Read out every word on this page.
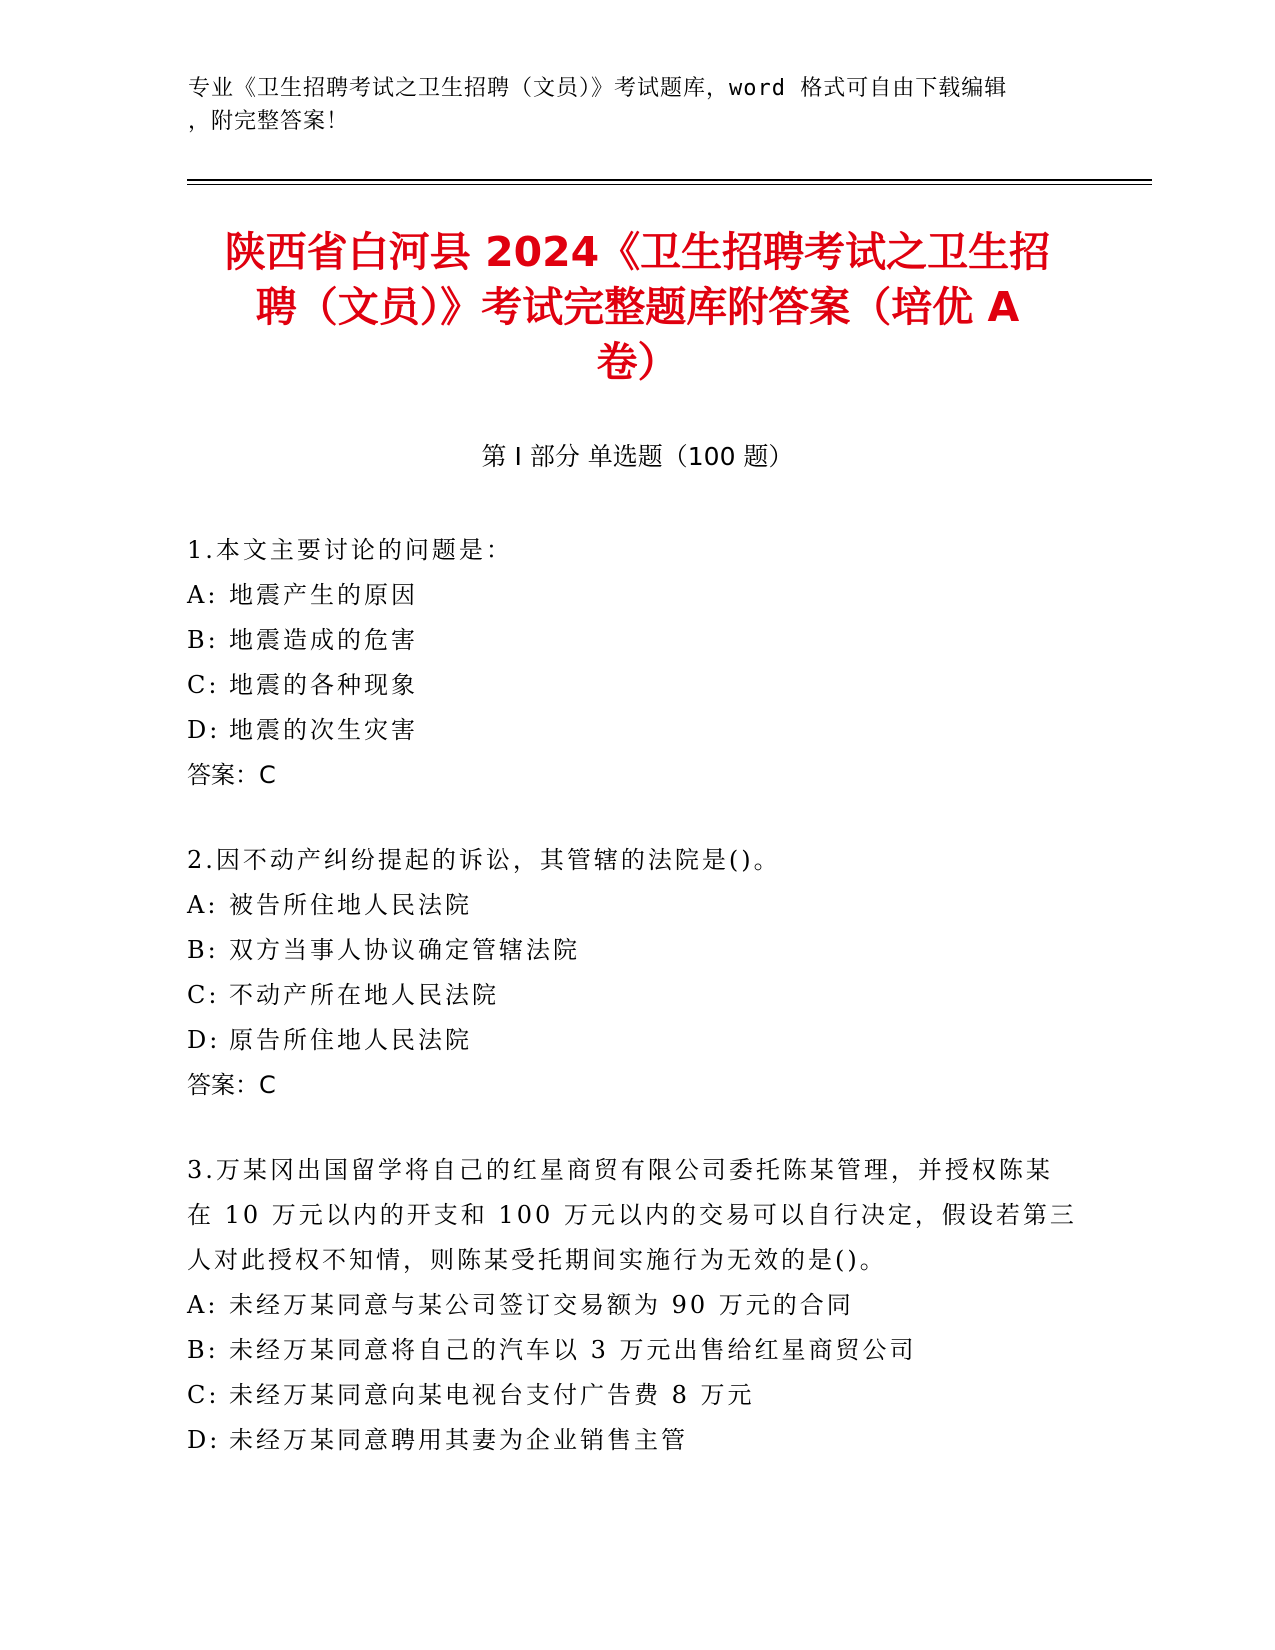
专业《卫生招聘考试之卫生招聘（文员）》考试题库，word 格式可自由下载编辑
，附完整答案！
陕西省白河县 2024《卫生招聘考试之卫生招
聘（文员）》考试完整题库附答案（培优 A
卷）
第 I 部分 单选题（100 题）

1.本文主要讨论的问题是：

A: 地震产生的原因

B: 地震造成的危害

C: 地震的各种现象

D: 地震的次生灾害

答案：C

2.因不动产纠纷提起的诉讼，其管辖的法院是()。

A: 被告所住地人民法院

B: 双方当事人协议确定管辖法院

C: 不动产所在地人民法院

D: 原告所住地人民法院

答案：C

3.万某冈出国留学将自己的红星商贸有限公司委托陈某管理，并授权陈某在 10 万元以内的开支和 100 万元以内的交易可以自行决定，假设若第三人对此授权不知情，则陈某受托期间实施行为无效的是()。

A: 未经万某同意与某公司签订交易额为 90 万元的合同

B: 未经万某同意将自己的汽车以 3 万元出售给红星商贸公司

C: 未经万某同意向某电视台支付广告费 8 万元

D: 未经万某同意聘用其妻为企业销售主管
